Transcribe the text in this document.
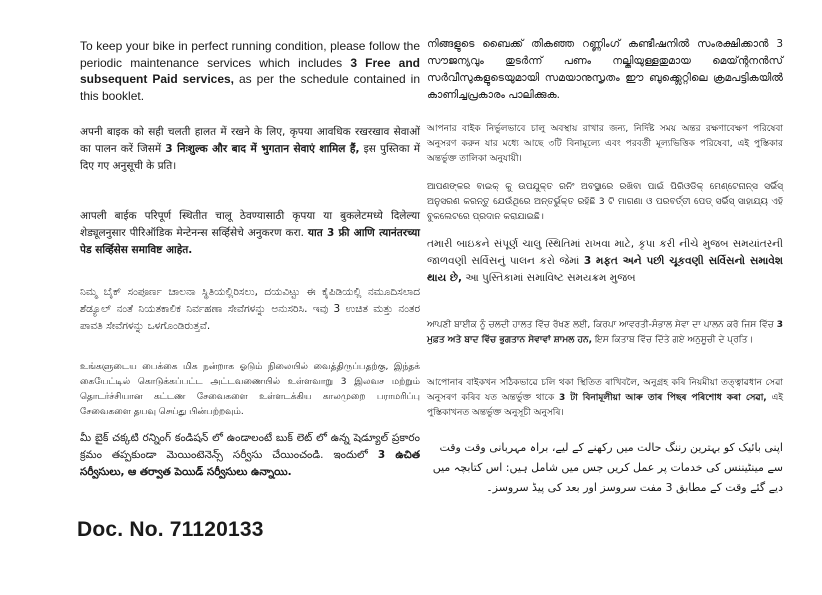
To keep your bike in perfect running condition, please follow the periodic maintenance services which includes 3 Free and subsequent Paid services, as per the schedule contained in this booklet.
अपनी बाइक को सही चलती हालत में रखने के लिए, कृपया आवधिक रखरखाव सेवाओं का पालन करें जिसमें 3 निःशुल्क और बाद में भुगतान सेवाएं शामिल हैं, इस पुस्तिका में दिए गए अनुसूची के प्रति।
आपली बाईक परिपूर्ण स्थितीत चालू ठेवण्यासाठी कृपया या बुकलेटमध्ये दिलेल्या शेड्यूलनुसार पीरिऑडिक मेन्टेनन्स सर्व्हिसेचे अनुकरण करा. यात 3 फ्री आणि त्यानंतरच्या पेड सर्व्हिसेस समाविष्ट आहेत.
ನಿಮ್ಮ ಬೈಕ್ ಸಂಪೂರ್ಣ ಚಾಲನಾ ಸ್ಥಿತಿಯಲ್ಲಿರಿಸಲು, ದಯವಿಟ್ಟು ಈ ಕೈಪಿಡಿಯಲ್ಲಿ ನಮೂದಿಸಲಾದ ಶೆಡ್ಯೂಲ್ ನಂತೆ ನಿಯತಕಾಲಿಕ ನಿರ್ವಹಣಾ ಸೇವೆಗಳನ್ನು ಅನುಸರಿಸಿ. ಇವು 3 ಉಚಿತ ಮತ್ತು ನಂತರ ಪಾವತಿ ಸೇವೆಗಳನ್ನು ಒಳಗೊಂಡಿರುತ್ತವೆ.
உங்களுடைய பைக்கை மிக நன்றாக ஓடும் நிலையில் வைத்திருப்பதற்கு, இந்தக் கையேட்டில் கொடுக்கப்பட்ட அட்டவணையில் உள்ளவாறு 3 இலவச மற்றும் தொடர்ச்சியான கட்டண சேவைகளை உள்ளடக்கிய காலமுறை பராமரிப்பு சேவைகளை தயவு செய்து பின்பற்றவும்.
మీ బైక్ చక్కటి రన్నింగ్ కండిషన్ లో ఉండాలంటే బుక్ లెట్ లో ఉన్న షెడ్యూల్ ప్రకారం క్రమం తప్పకుండా మెయింటెనెన్స్ సర్వీసు చేయించండి. ఇందులో 3 ఉచిత సర్వీసులు, ఆ తర్వాత పెయిడ్ సర్వీసులు ఉన్నాయి.
Doc. No. 71120133
നിങ്ങളുടെ ബൈക്ക് തികഞ്ഞ റണ്ണിംഗ് കണ്ടീഷനിൽ സംരക്ഷിക്കാൻ 3 സൗജന്യവും തുടർന്ന് പണം നല്കിയുള്ളതുമായ മെയ്ന്റനൻസ് സർവീസുകളുടെയുമായി സമയാനുസൃതം ഈ ബുക്ക്ലെറ്റിലെ ക്രമപട്ടികയിൽ കാണിച്ചപ്രകാരം പാലിക്കുക.
আপনার বাইক নির্ভুলভাবে চালু অবস্থায় রাখার জন্য, নির্দিষ্ট সময় অন্তর রক্ষণাবেক্ষণ পরিষেবা অনুসরণ করুন যার মধ্যে আছে ৩টি বিনামূল্যে এবং পরবর্তী মূল্যভিত্তিক পরিষেবা, এই পুস্তিকার অন্তর্ভুক্ত তালিকা অনুযায়ী।
ଆପଣଙ୍କର ବାଇକ୍ କୁ ଉପଯୁକ୍ତ ରନିଂ ଅବସ୍ଥାରେ ରଖିବା ପାଇଁ ପିରିଓଡିକ୍ ମେଣ୍ଟେନାନ୍ସ ସର୍ଭିସ୍ ଅନୁସରଣ କରନ୍ତୁ ଯେଉଁଥିରେ ଅନ୍ତର୍ଭୁକ୍ତ ରହିଛି 3 ଟି ମାଗଣା ଓ ପରବର୍ତ୍ତୀ ପେଡ୍ ସର୍ଭିସ୍ ସାହାଯ୍ୟ ଏହି ବୁକଲେଟରେ ପ୍ରଦାନ କରାଯାଇଛି।
તમારી બાઇકને સંપૂર્ણ ચાલુ સ્થિતિમાં રાખવા માટે, કૃપા કરી નીચે મુજબ સમયાંતરની જાળવણી સર્વિસનું પાલન કરો જેમાં 3 મફત અને પછી ચૂકવણી સર્વિસનો સમાવેશ થાય છે, આ પુસ્તિકામાં સમાવિષ્ટ સમયક્રમ મુજબ
ਆਪਣੀ ਬਾਈਕ ਨੂੰ ਚਲਦੀ ਹਾਲਤ ਵਿੱਚ ਰੱਖਣ ਲਈ, ਕਿਰਪਾ ਆਵਰਤੀ-ਸੰਭਾਲ ਸੇਵਾ ਦਾ ਪਾਲਨ ਕਰੋ ਜਿਸ ਵਿੱਚ 3 ਮੁਫ਼ਤ ਅਤੇ ਬਾਦ ਵਿੱਚ ਭੁਗਤਾਨ ਸੇਵਾਵਾਂ ਸ਼ਾਮਲ ਹਨ, ਇਸ ਕਿਤਾਬ ਵਿੱਚ ਦਿੱਤੇ ਗਏ ਅਨੁਸੂਚੀ ਦੇ ਪ੍ਰਤਿ।
আপোনাৰ বাইকখন সঠিকভাৱে চলি থকা স্থিতিত ৰাখিবলৈ, অনুগ্ৰহ কৰি নিয়মীয়া তত্ত্বাৱধান সেৱা অনুসৰণ কৰিব যত অন্তৰ্ভুক্ত থাকে 3 টা বিনামূলীয়া আৰু তাৰ পিছৰ পৰিশোধ কৰা সেৱা, এই পুস্তিকাখনত অন্তৰ্ভুক্ত অনুসূচী অনুসৰি।
اپنی بائیک کو بہترین رننگ حالت میں رکھنے کے لیے، براہ مہربانی وقت وقت سے مینٹیننس کی خدمات پر عمل کریں جس میں شامل ہیں: اس کتابچہ میں دیے گئے وقت کے مطابق 3 مفت سروسز اور بعد کی پیڈ سروسز۔
